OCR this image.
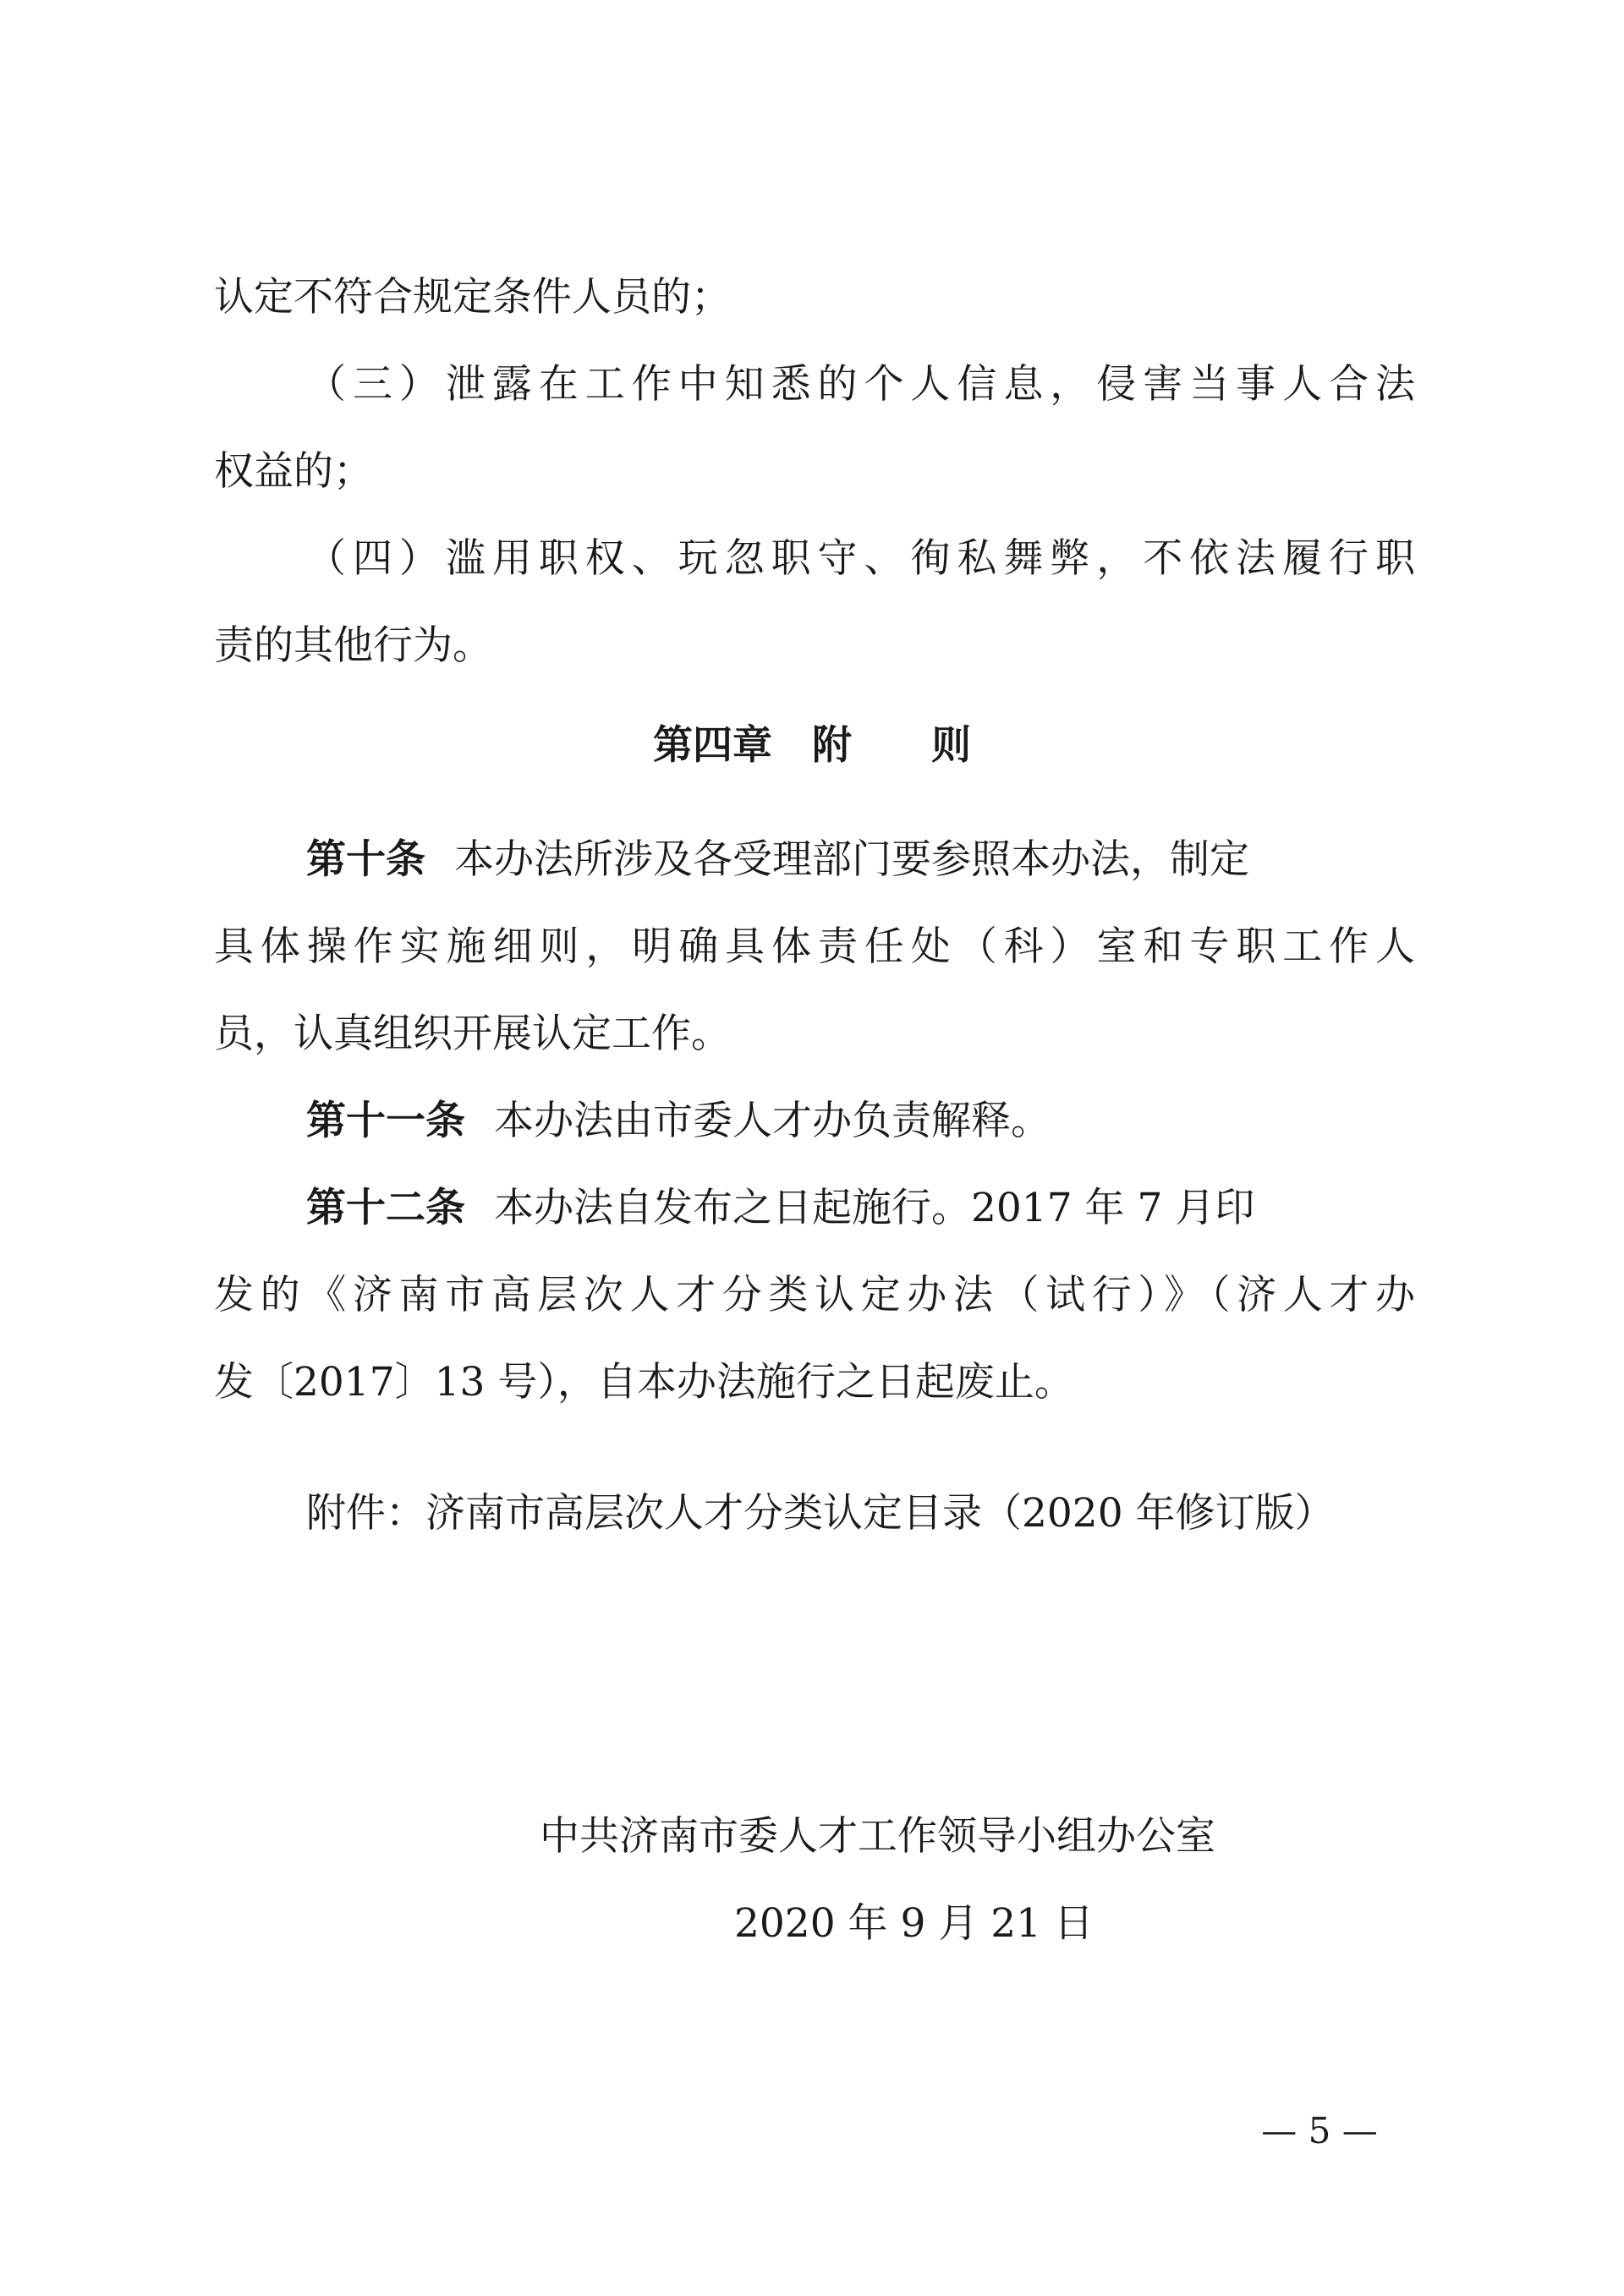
认定不符合规定条件人员的；
（三）泄露在工作中知悉的个人信息，侵害当事人合法
权益的；
（四）滥用职权、玩忽职守、徇私舞弊，不依法履行职
责的其他行为。
第四章　附　　则
第十条 本办法所涉及各受理部门要参照本办法，制定
具体操作实施细则，明确具体责任处（科）室和专职工作人
员，认真组织开展认定工作。
第十一条 本办法由市委人才办负责解释。
第十二条 本办法自发布之日起施行。2017 年 7 月印
发的《济南市高层次人才分类认定办法（试行）》（济人才办
发〔2017〕13 号），自本办法施行之日起废止。
附件：济南市高层次人才分类认定目录（2020 年修订版）
中共济南市委人才工作领导小组办公室
2020 年 9 月 21 日
— 5 —
